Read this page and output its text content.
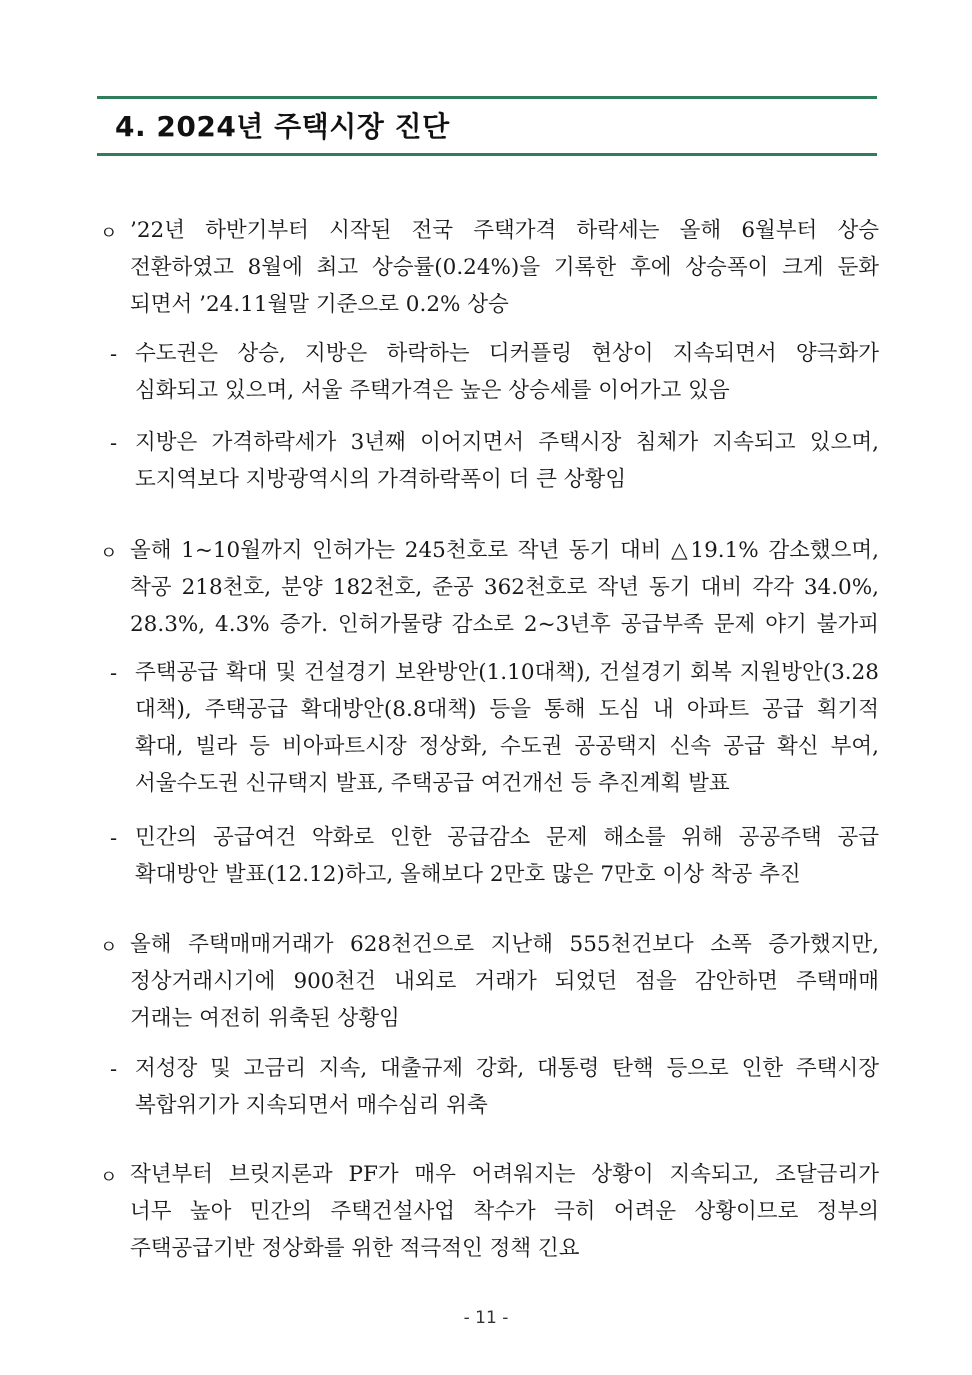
4. 2024년 주택시장 진단
ㅇ ’22년 하반기부터 시작된 전국 주택가격 하락세는 올해 6월부터 상승
전환하였고 8월에 최고 상승률(0.24%)을 기록한 후에 상승폭이 크게 둔화
되면서 ’24.11월말 기준으로 0.2% 상승
- 수도권은 상승, 지방은 하락하는 디커플링 현상이 지속되면서 양극화가
심화되고 있으며, 서울 주택가격은 높은 상승세를 이어가고 있음
- 지방은 가격하락세가 3년째 이어지면서 주택시장 침체가 지속되고 있으며,
도지역보다 지방광역시의 가격하락폭이 더 큰 상황임
ㅇ 올해 1~10월까지 인허가는 245천호로 작년 동기 대비 △19.1% 감소했으며,
착공 218천호, 분양 182천호, 준공 362천호로 작년 동기 대비 각각 34.0%,
28.3%, 4.3% 증가. 인허가물량 감소로 2~3년후 공급부족 문제 야기 불가피
- 주택공급 확대 및 건설경기 보완방안(1.10대책), 건설경기 회복 지원방안(3.28
대책), 주택공급 확대방안(8.8대책) 등을 통해 도심 내 아파트 공급 획기적
확대, 빌라 등 비아파트시장 정상화, 수도권 공공택지 신속 공급 확신 부여,
서울수도권 신규택지 발표, 주택공급 여건개선 등 추진계획 발표
- 민간의 공급여건 악화로 인한 공급감소 문제 해소를 위해 공공주택 공급
확대방안 발표(12.12)하고, 올해보다 2만호 많은 7만호 이상 착공 추진
ㅇ 올해 주택매매거래가 628천건으로 지난해 555천건보다 소폭 증가했지만,
정상거래시기에 900천건 내외로 거래가 되었던 점을 감안하면 주택매매
거래는 여전히 위축된 상황임
- 저성장 및 고금리 지속, 대출규제 강화, 대통령 탄핵 등으로 인한 주택시장
복합위기가 지속되면서 매수심리 위축
ㅇ 작년부터 브릿지론과 PF가 매우 어려워지는 상황이 지속되고, 조달금리가
너무 높아 민간의 주택건설사업 착수가 극히 어려운 상황이므로 정부의
주택공급기반 정상화를 위한 적극적인 정책 긴요
- 11 -
